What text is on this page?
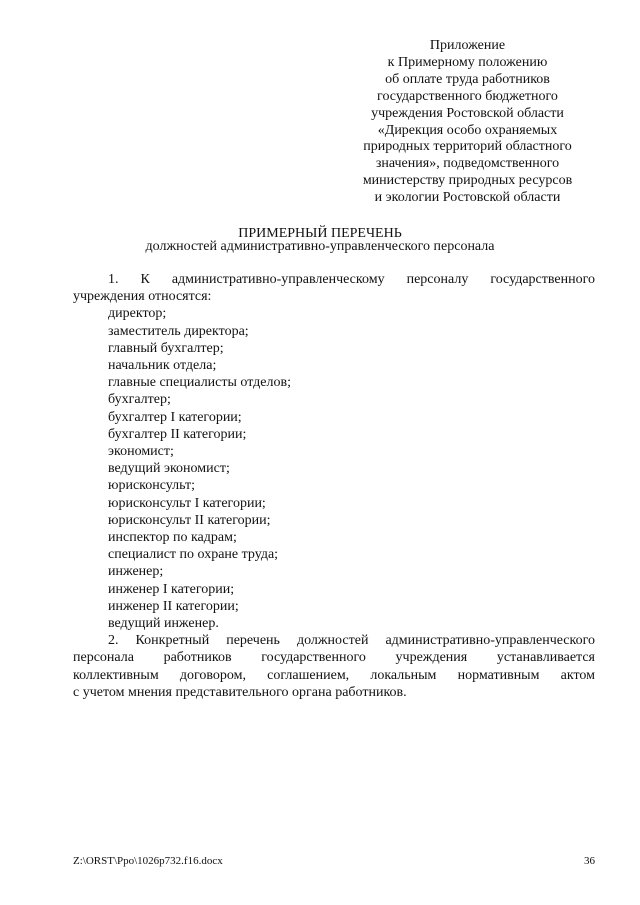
Приложение
к Примерному положению
об оплате труда работников
государственного бюджетного
учреждения Ростовской области
«Дирекция особо охраняемых
природных территорий областного
значения», подведомственного
министерству природных ресурсов
и экологии Ростовской области
ПРИМЕРНЫЙ ПЕРЕЧЕНЬ
должностей административно-управленческого персонала
1. К административно-управленческому персоналу государственного
учреждения относятся:
директор;
заместитель директора;
главный бухгалтер;
начальник отдела;
главные специалисты отделов;
бухгалтер;
бухгалтер I категории;
бухгалтер II категории;
экономист;
ведущий экономист;
юрисконсульт;
юрисконсульт I категории;
юрисконсульт II категории;
инспектор по кадрам;
специалист по охране труда;
инженер;
инженер I категории;
инженер II категории;
ведущий инженер.
2. Конкретный перечень должностей административно-управленческого
персонала работников государственного учреждения устанавливается
коллективным договором, соглашением, локальным нормативным актом
с учетом мнения представительного органа работников.
Z:\ORST\Ppo\1026p732.f16.docx	36
